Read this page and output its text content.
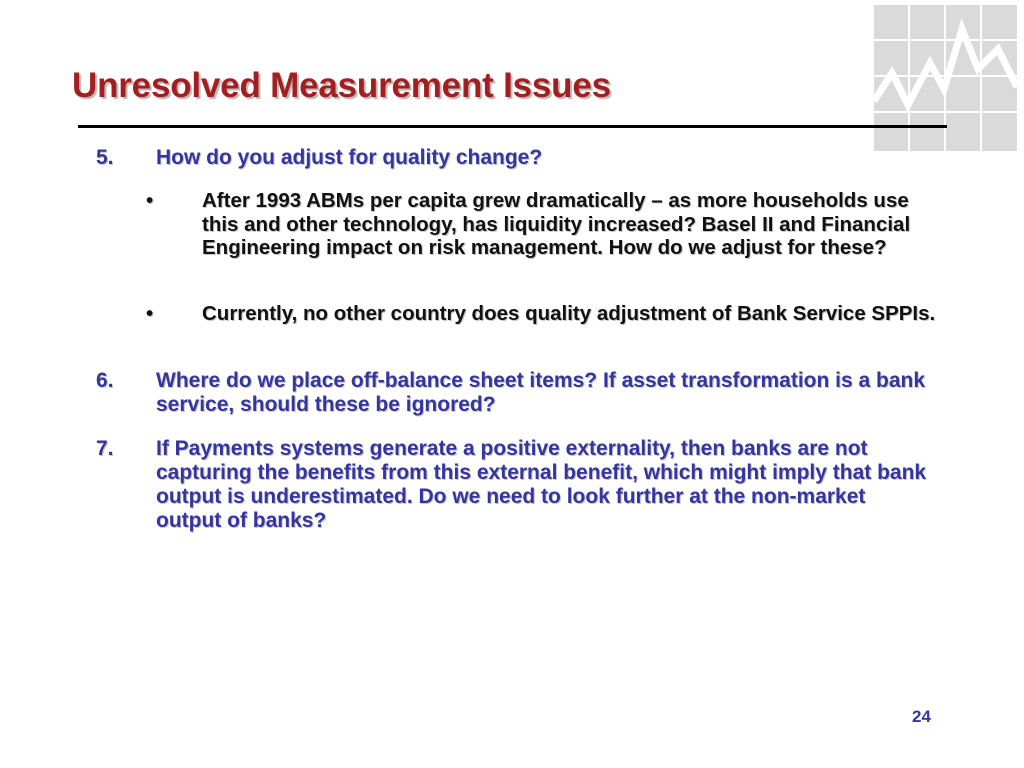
Unresolved Measurement Issues
5. How do you adjust for quality change?
• After 1993 ABMs per capita grew dramatically – as more households use this and other technology, has liquidity increased? Basel II and Financial Engineering impact on risk management. How do we adjust for these?
• Currently, no other country does quality adjustment of Bank Service SPPIs.
6. Where do we place off-balance sheet items? If asset transformation is a bank service, should these be ignored?
7. If Payments systems generate a positive externality, then banks are not capturing the benefits from this external benefit, which might imply that bank output is underestimated. Do we need to look further at the non-market output of banks?
24
